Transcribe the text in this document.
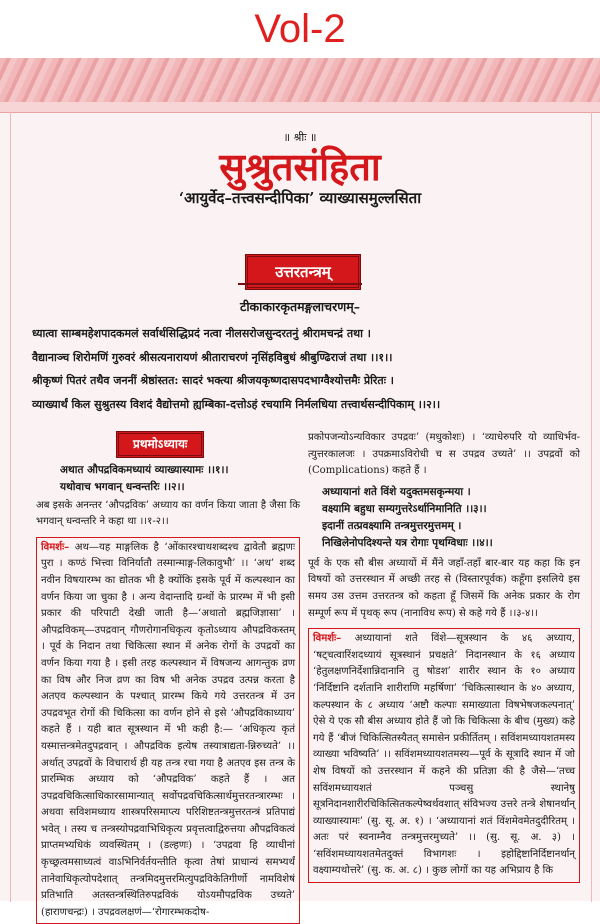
Vol-2
॥ श्रीः ॥
सुश्रुतसंहिता
‘आयुर्वेद–तत्त्वसन्दीपिका’ व्याख्यासमुल्लसिता
उत्तरतन्त्रम्
टीकाकारकृतमङ्गलाचरणम्–
ध्यात्वा साम्बमहेशपादकमलं सर्वार्थसिद्धिप्रदं नत्वा नीलसरोजसुन्दरतनुं श्रीरामचन्द्रं तथा ।
वैद्यानाञ्च शिरोमणिं गुरुवरं श्रीसत्यनारायणं श्रीताराचरणं नृसिंहविबुधं श्रीबुण्ढिराजं तथा ।।१।।
श्रीकृष्णं पितरं तथैव जननीं श्रेष्ठांस्तत: सादरं भक्त्या श्रीजयकृष्णदासपदभाग्वैश्योत्तमैः प्रेरितः ।
व्याख्यार्थं किल सुश्रुतस्य विशदं वैद्योत्तमो ह्यम्बिका-दत्तोऽहं रचयामि निर्मलधिया तत्त्वार्थसन्दीपिकाम् ।।२।।
प्रथमोऽध्यायः
अथात औपद्रविकमध्यायं व्याख्यास्यामः ।।१।।
यथोवाच भगवान् धन्वन्तरिः ।।२।।

अब इसके अनन्तर ‘औपद्रविक’ अध्याय का वर्णन किया जाता है जैसा कि भगवान् धन्वन्तरि ने कहा था ।।१-२।।

विमर्शः– अथ—यह माङ्गलिक है ‘ओंकारश्चाथशब्दश्च द्वावेतौ ब्रह्मणः पुरा । कण्ठं भित्त्वा विनिर्यातौ तस्मान्माङ्ग-लिकावुभौ’ ।। ‘अथ’ शब्द नवीन विषयारम्भ का द्योतक भी है क्योंकि इसके पूर्व में कल्पस्थान का वर्णन किया जा चुका है । अन्य वेदान्तादि ग्रन्थों के प्रारम्भ में भी इसी प्रकार की परिपाटी देखी जाती है—‘अथातो ब्रह्मजिज्ञासा’ । औपद्रविकम्—उपद्रवान् गौणरोगानधिकृत्य कृतोऽध्याय औपद्रविकस्तम् । पूर्व के निदान तथा चिकित्सा स्थान में अनेक रोगों के उपद्रवों का वर्णन किया गया है । इसी तरह कल्पस्थान में विषजन्य आगन्तुक व्रण का विष और निज व्रण का विष भी अनेक उपद्रव उत्पन्न करता है अतएव कल्पस्थान के पश्चात् प्रारम्भ किये गये उत्तरतन्त्र में उन उपद्रवभूत रोगों की चिकित्सा का वर्णन होने से इसे ‘औपद्रविकाध्याय’ कहते हैं । यही बात सूत्रस्थान में भी कही है:— ‘अधिकृत्य कृतं यस्मात्तन्त्रमेतदुपद्रवान् । औपद्रविक इत्येष तस्यात्राद्यता-न्निरुच्यते’ ।। अर्थात् उपद्रवों के विचारार्थ ही यह तन्त्र रचा गया है अतएव इस तन्त्र के प्रारम्भिक अध्याय को ‘औपद्रविक’ कहते हैं । अत उपद्रवचिकित्साधिकारसामान्यात् सर्वोपद्रवचिकित्सार्थमुत्तरतन्त्रारम्भः । अथवा सविशमध्याय शास्त्रपरिसमाप्त्य परिशिष्टतन्त्रमुत्तरतन्त्रं प्रतिपाद्यं भवेत् । तस्य च तन्त्रस्योपद्रवाभिधिकृत्य प्रवृत्तत्वाद्विरुत्तया औपद्रविकत्वं प्राप्तमभ्यधिकं व्यवस्थितम् । (डल्हणः) । ‘उपद्रवा हि व्याधीनां कृच्छ्रत्वमसाध्यत्वं वाऽभिनिर्वर्तयन्तीति कृत्वा तेषां प्राधान्यं समभ्यर्थं तानेवाधिकृत्योपदेशात् तन्त्रमिदमुत्तरमित्युपद्रविकेतिगीर्णो नामविशेषं प्रतिभाति अतस्तन्त्रस्थितिरुपद्रविकं योऽयमौपद्रविक उच्यते’ (हाराणचन्द्रः) । उपद्रवलक्षणं—‘रोगारम्भकदोष-

प्रकोपजन्योऽन्यविकार उपद्रवः’ (मधुकोशः) । ‘व्याधेरुपरि यो व्याधिर्भव-त्युत्तरकालजः । उपक्रमाऽविरोधी च स उपद्रव उच्यते’ ।। उपद्रवों को (Complications) कहते हैं ।

अध्यायानां शते विंशे यदुक्तमसकृन्मया ।
वक्ष्यामि बहुधा सम्यगुत्तरेऽर्थानिमानिति ।।३।।
इदानीं तत्प्रवक्ष्यामि तन्त्रमुत्तरमुत्तमम् ।
निखिलेनोपदिश्यन्ते यत्र रोगाः पृथग्विधाः ।।४।।

पूर्व के एक सौ बीस अध्यायों में मैंने जहाँ-तहाँ बार-बार यह कहा कि इन विषयों को उत्तरस्थान में अच्छी तरह से (विस्तारपूर्वक) कहूँगा इसलिये इस समय उस उत्तम उत्तरतन्त्र को कहता हूँ जिसमें कि अनेक प्रकार के रोग सम्पूर्ण रूप में पृथक् रूप (नानाविध रूप) से कहे गये हैं ।।३-४।।

विमर्शः– अध्यायानां शते विंशे—सूत्रस्थान के ४६ अध्याय, ‘षट्चत्वारिंशदध्यायं सूत्रस्थानं प्रचक्षते’ निदानस्थान के १६ अध्याय ‘हेतुलक्षणनिर्देशान्निदानानि तु षोडश’ शारीर स्थान के १० अध्याय ‘निर्दिष्टानि दर्शतानि शारीराणि महर्षिणा’ ‘चिकित्सास्थान के ४० अध्याय, कल्पस्थान के ८ अध्याय ‘अष्टौ कल्पाः समाख्याता विषभेषजकल्पनात्’ ऐसे ये एक सौ बीस अध्याय होते हैं जो कि चिकित्सा के बीच (मुख्य) कहे गये हैं ‘बीजं चिकित्सितस्यैतत् समासेन प्रकीर्तितम् । सविंशमध्यायशतमस्य व्याख्या भविष्यति’ ।। सविंशमध्यायशतमस्य—पूर्व के सूत्रादि स्थान में जो शेष विषयों को उत्तरस्थान में कहने की प्रतिज्ञा की है जैसे—‘तच्च सविंशमध्यायशतं पञ्चसु स्थानेषु सूत्रनिदानशारीरचिकित्सितकल्पेष्वर्थवशात् संविभज्य उत्तरे तन्त्रे शेषानर्थान् व्याख्यास्यामः’ (सु. सू. अ. १) । ‘अध्यायानां शतं विंशमेवमेतदुदीरितम् । अतः परं स्वनाम्नैव तन्त्रमुत्तरमुच्यते’ ।। (सु. सू. अ. ३) । ‘सविंशमध्यायशतमेतदुक्तं विभागशः । इहोद्दिष्टानिर्दिष्टानर्थान् वक्ष्याम्यथोत्तरे’ (सु. क. अ. ८) । कुछ लोगों का यह अभिप्राय है कि
